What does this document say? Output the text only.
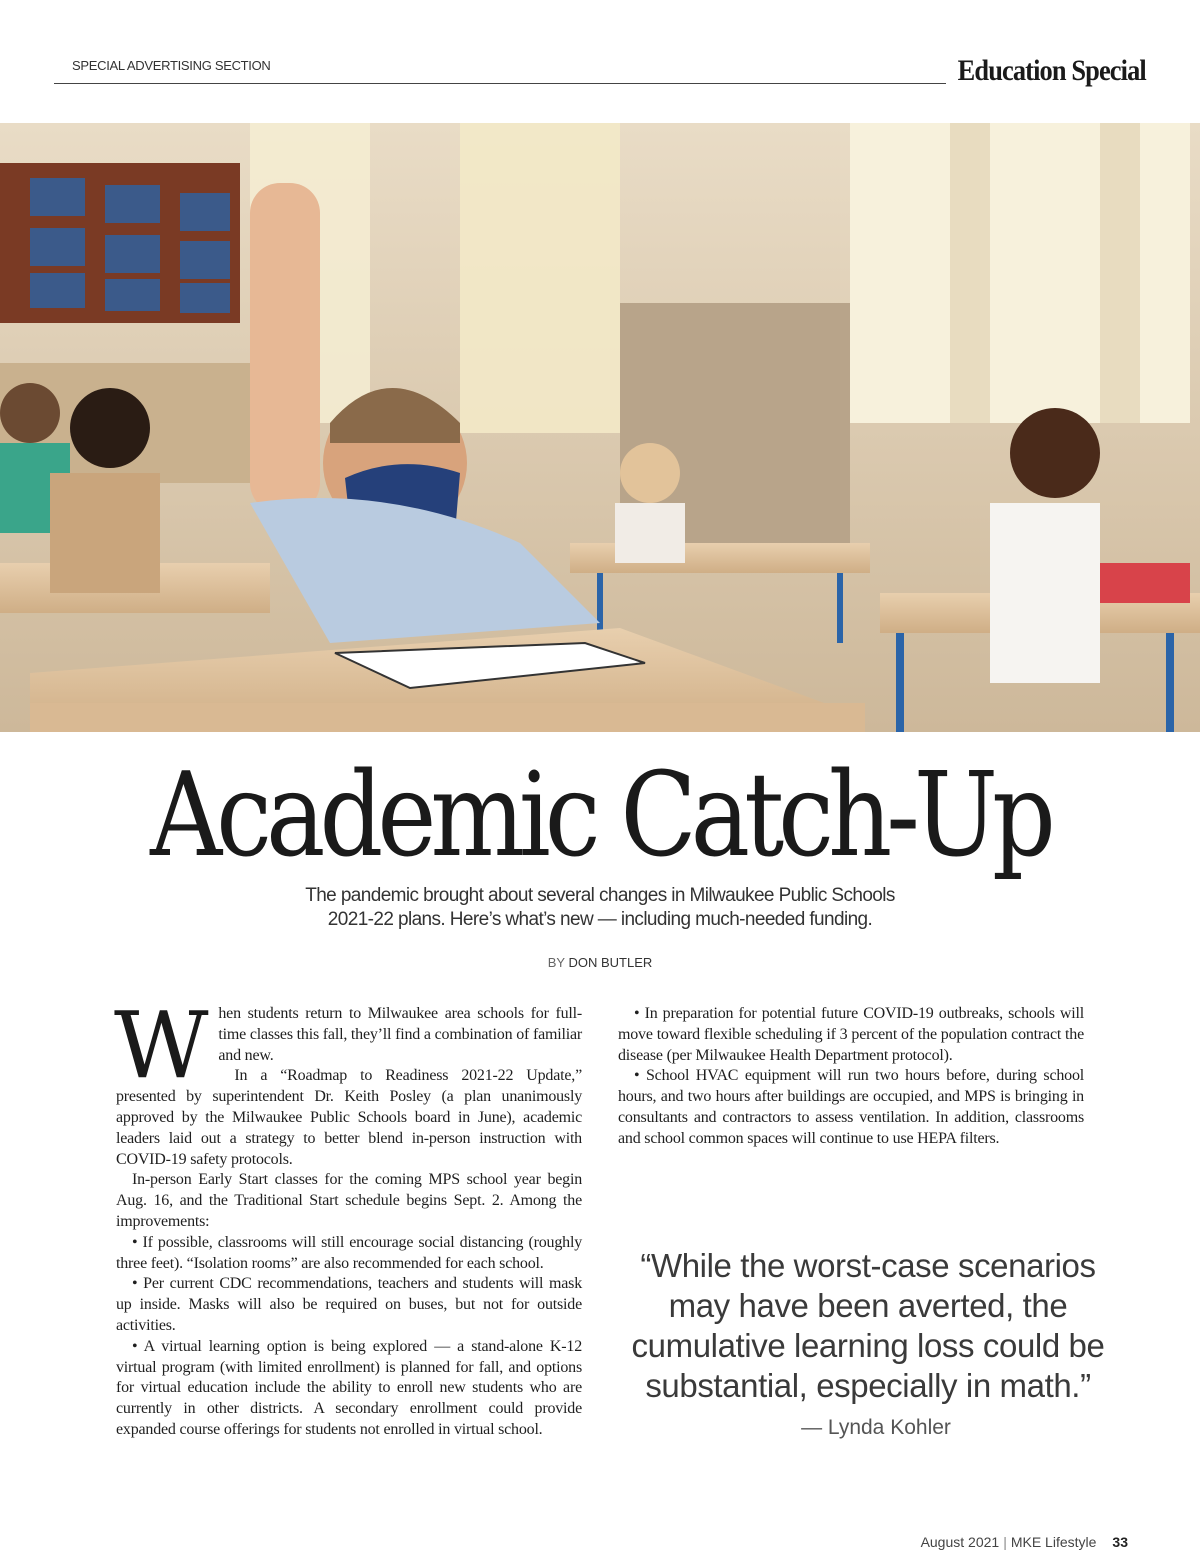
SPECIAL ADVERTISING SECTION	Education Special
Academic Catch-Up
The pandemic brought about several changes in Milwaukee Public Schools
2021-22 plans. Here’s what’s new — including much-needed funding.
BY DON BUTLER

When students return to Milwaukee area schools for full-time classes this fall, they’ll find a combination of familiar and new.

In a “Roadmap to Readiness 2021-22 Update,” presented by superintendent Dr. Keith Posley (a plan unanimously approved by the Milwaukee Public Schools board in June), academic leaders laid out a strategy to better blend in-person instruction with COVID-19 safety protocols.

In-person Early Start classes for the coming MPS school year begin Aug. 16, and the Traditional Start schedule begins Sept. 2. Among the improvements:

• If possible, classrooms will still encourage social distancing (roughly three feet). “Isolation rooms” are also recommended for each school.

• Per current CDC recommendations, teachers and students will mask up inside. Masks will also be required on buses, but not for outside activities.

• A virtual learning option is being explored — a stand-alone K-12 virtual program (with limited enrollment) is planned for fall, and options for virtual education include the ability to enroll new students who are currently in other districts. A secondary enrollment could provide expanded course offerings for students not enrolled in virtual school.

• In preparation for potential future COVID-19 outbreaks, schools will move toward flexible scheduling if 3 percent of the population contract the disease (per Milwaukee Health Department protocol).

• School HVAC equipment will run two hours before, during school hours, and two hours after buildings are occupied, and MPS is bringing in consultants and contractors to assess ventilation. In addition, classrooms and school common spaces will continue to use HEPA filters.

“While the worst-case scenarios may have been averted, the cumulative learning loss could be substantial, especially in math.”
— Lynda Kohler
August 2021 | MKE Lifestyle 33
